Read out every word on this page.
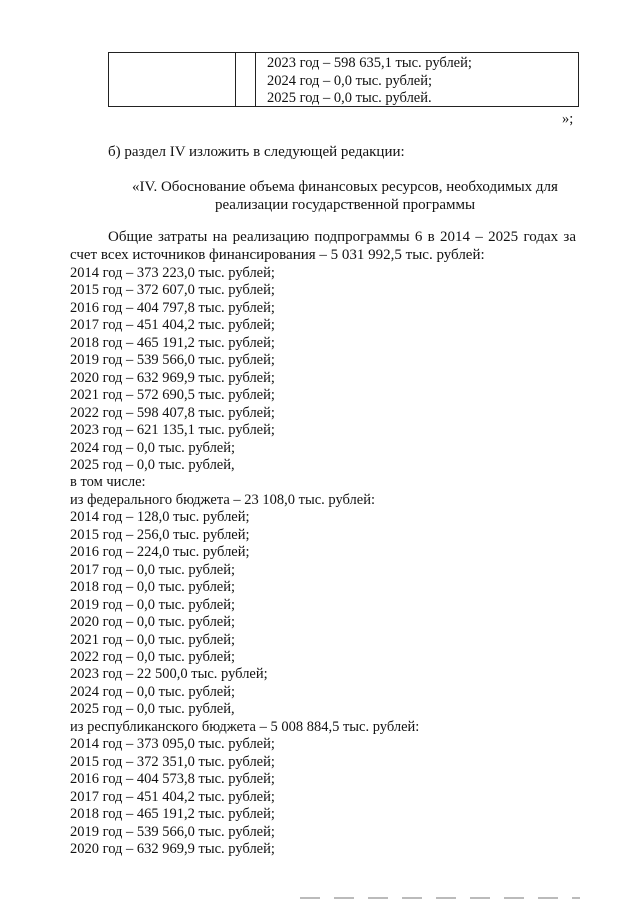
2023 год – 598 635,1 тыс. рублей;
2024 год – 0,0 тыс. рублей;
2025 год – 0,0 тыс. рублей.
»;
б) раздел IV изложить в следующей редакции:
«IV. Обоснование объема финансовых ресурсов, необходимых для
реализации государственной программы
Общие затраты на реализацию подпрограммы 6 в 2014 – 2025 годах за счет всех источников финансирования – 5 031 992,5 тыс. рублей:
2014 год – 373 223,0 тыс. рублей;
2015 год – 372 607,0 тыс. рублей;
2016 год – 404 797,8 тыс. рублей;
2017 год – 451 404,2 тыс. рублей;
2018 год – 465 191,2 тыс. рублей;
2019 год – 539 566,0 тыс. рублей;
2020 год – 632 969,9 тыс. рублей;
2021 год – 572 690,5 тыс. рублей;
2022 год – 598 407,8 тыс. рублей;
2023 год – 621 135,1 тыс. рублей;
2024 год – 0,0 тыс. рублей;
2025 год – 0,0 тыс. рублей,
в том числе:
из федерального бюджета – 23 108,0 тыс. рублей:
2014 год – 128,0 тыс. рублей;
2015 год – 256,0 тыс. рублей;
2016 год – 224,0 тыс. рублей;
2017 год – 0,0 тыс. рублей;
2018 год – 0,0 тыс. рублей;
2019 год – 0,0 тыс. рублей;
2020 год – 0,0 тыс. рублей;
2021 год – 0,0 тыс. рублей;
2022 год – 0,0 тыс. рублей;
2023 год – 22 500,0 тыс. рублей;
2024 год – 0,0 тыс. рублей;
2025 год – 0,0 тыс. рублей,
из республиканского бюджета – 5 008 884,5 тыс. рублей:
2014 год – 373 095,0 тыс. рублей;
2015 год – 372 351,0 тыс. рублей;
2016 год – 404 573,8 тыс. рублей;
2017 год – 451 404,2 тыс. рублей;
2018 год – 465 191,2 тыс. рублей;
2019 год – 539 566,0 тыс. рублей;
2020 год – 632 969,9 тыс. рублей;
